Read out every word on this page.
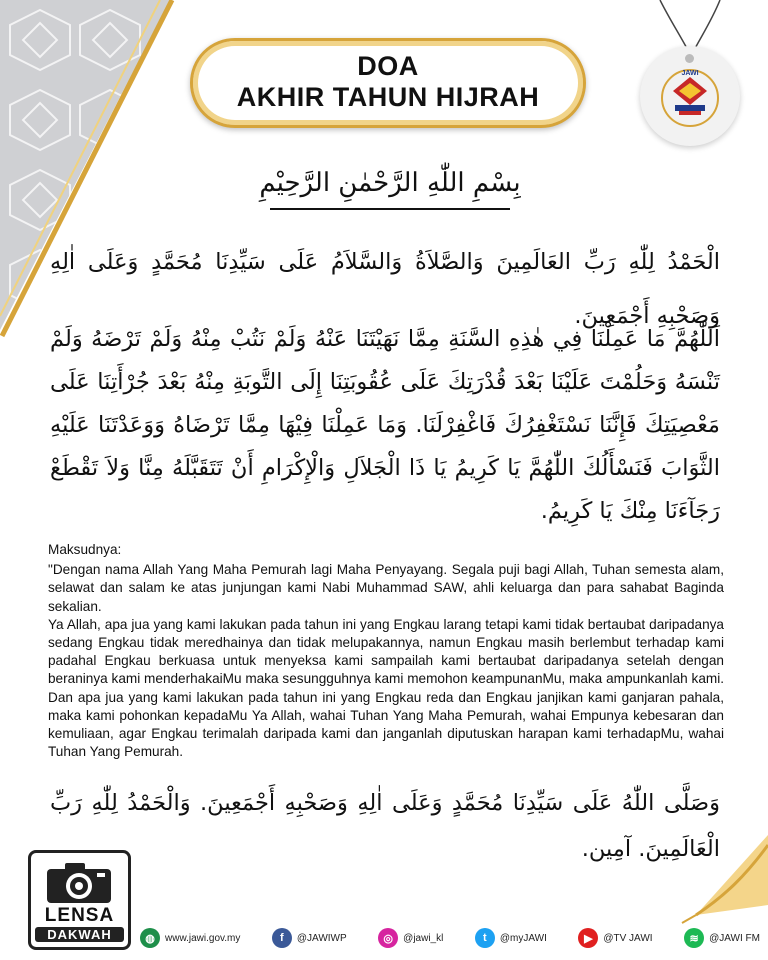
DOA
AKHIR TAHUN HIJRAH
JAWI
بِسْمِ اللّٰهِ الرَّحْمٰنِ الرَّحِيْمِ
الْحَمْدُ لِلّٰهِ رَبِّ العَالَمِينَ وَالصَّلاَةُ وَالسَّلاَمُ عَلَى سَيِّدِنَا مُحَمَّدٍ وَعَلَى اٰلِهِ وَصَحْبِهِ أَجْمَعِينَ.
اَللّٰهُمَّ مَا عَمِلْنَا فِي هٰذِهِ السَّنَةِ مِمَّا نَهَيْتَنَا عَنْهُ وَلَمْ نَتُبْ مِنْهُ وَلَمْ تَرْضَهُ وَلَمْ تَنْسَهُ وَحَلُمْتَ عَلَيْنَا بَعْدَ قُدْرَتِكَ عَلَى عُقُوبَتِنَا إِلَى التَّوبَةِ مِنْهُ بَعْدَ جُرْأَتِنَا عَلَى مَعْصِيَتِكَ فَإِنَّنَا نَسْتَغْفِرُكَ فَاغْفِرْلَنَا. وَمَا عَمِلْنَا فِيْهَا مِمَّا تَرْضَاهُ وَوَعَدْتَنَا عَلَيْهِ الثَّوَابَ فَنَسْأَلُكَ اللّٰهُمَّ يَا كَرِيمُ يَا ذَا الْجَلاَلِ وَالْإِكْرَامِ أَنْ تَتَقَبَّلَهُ مِنَّا وَلاَ تَقْطَعْ رَجَآءَنَا مِنْكَ يَا كَرِيمُ.

Maksudnya:

"Dengan nama Allah Yang Maha Pemurah lagi Maha Penyayang. Segala puji bagi Allah, Tuhan semesta alam, selawat dan salam ke atas junjungan kami Nabi Muhammad SAW, ahli keluarga dan para sahabat Baginda sekalian.

Ya Allah, apa jua yang kami lakukan pada tahun ini yang Engkau larang tetapi kami tidak bertaubat daripadanya sedang Engkau tidak meredhainya dan tidak melupakannya, namun Engkau masih berlembut terhadap kami padahal Engkau berkuasa untuk menyeksa kami sampailah kami bertaubat daripadanya setelah dengan beraninya kami menderhakaiMu maka sesungguhnya kami memohon keampunanMu, maka ampunkanlah kami. Dan apa jua yang kami lakukan pada tahun ini yang Engkau reda dan Engkau janjikan kami ganjaran pahala, maka kami pohonkan kepadaMu Ya Allah, wahai Tuhan Yang Maha Pemurah, wahai Empunya kebesaran dan kemuliaan, agar Engkau terimalah daripada kami dan janganlah diputuskan harapan kami terhadapMu, wahai Tuhan Yang Pemurah.

وَصَلَّى اللّٰهُ عَلَى سَيِّدِنَا مُحَمَّدٍ وَعَلَى اٰلِهِ وَصَحْبِهِ أَجْمَعِينَ. وَالْحَمْدُ لِلّٰهِ رَبِّ الْعَالَمِينَ. آمِين.
LENSA
DAKWAH	◍	www.jawi.gov.my	f	@JAWIWP	◎	@jawi_kl	t	@myJAWI	▶	@TV JAWI	≋	@JAWI FM
